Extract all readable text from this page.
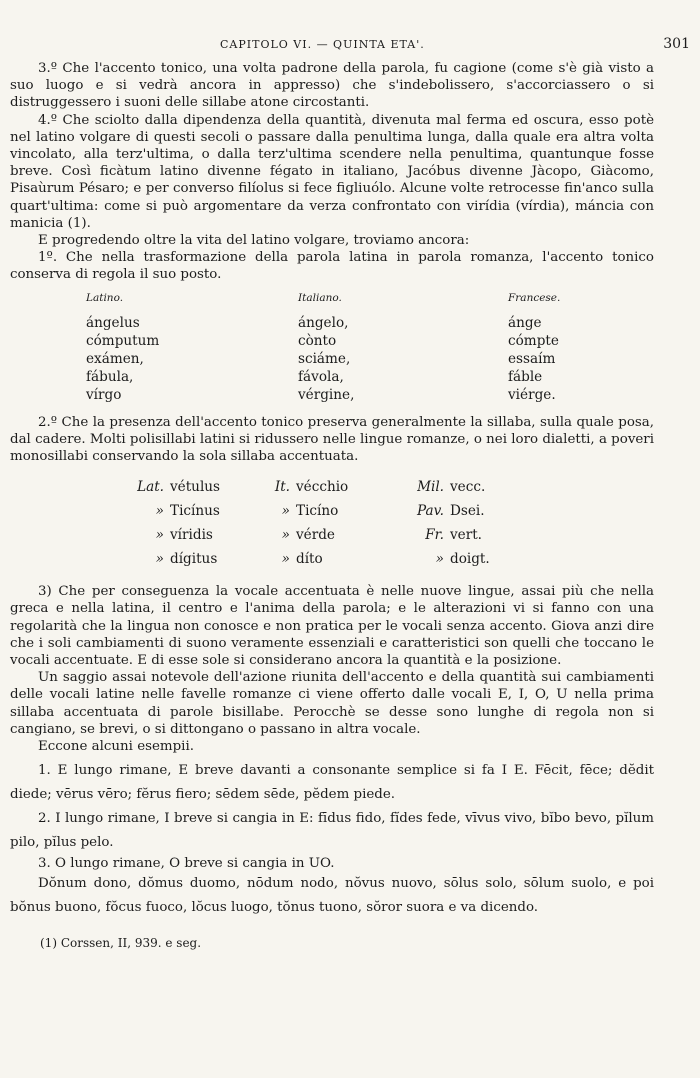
CAPITOLO VI. — QUINTA ETA'.	301

3.º Che l'accento tonico, una volta padrone della parola, fu cagione (come s'è già visto a suo luogo e si vedrà ancora in appresso) che s'indebolissero, s'accorciassero o si distruggessero i suoni delle sillabe atone circostanti.

4.º Che sciolto dalla dipendenza della quantità, divenuta mal ferma ed oscura, esso potè nel latino volgare di questi secoli o passare dalla penultima lunga, dalla quale era altra volta vincolato, alla terz'ultima, o dalla terz'ultima scendere nella penultima, quantunque fosse breve. Così ficàtum latino divenne fégato in italiano, Jacóbus divenne Jàcopo, Giàcomo, Pisaùrum Pésaro; e per converso filíolus si fece figliuólo. Alcune volte retrocesse fin'anco sulla quart'ultima: come si può argomentare da verza confrontato con virídia (vírdia), máncia con manicia (1).

E progredendo oltre la vita del latino volgare, troviamo ancora:

1º. Che nella trasformazione della parola latina in parola romanza, l'accento tonico conserva di regola il suo posto.

Latino.	Italiano.	Francese.
ángelus	ángelo,	ánge
cómputum	cònto	cómpte
exámen,	sciáme,	essaím
fábula,	fávola,	fáble
vírgo	vérgine,	viérge.

2.º Che la presenza dell'accento tonico preserva generalmente la sillaba, sulla quale posa, dal cadere. Molti polisillabi latini si ridussero nelle lingue romanze, o nei loro dialetti, a poveri monosillabi conservando la sola sillaba accentuata.

Lat.	vétulus	It.	vécchio	Mil.	vecc.
»	Ticínus	»	Ticíno	Pav.	Dsei.
»	víridis	»	vérde	Fr.	vert.
»	dígitus	»	díto	»	doigt.

3) Che per conseguenza la vocale accentuata è nelle nuove lingue, assai più che nella greca e nella latina, il centro e l'anima della parola; e le alterazioni vi si fanno con una regolarità che la lingua non conosce e non pratica per le vocali senza accento. Giova anzi dire che i soli cambiamenti di suono veramente essenziali e caratteristici son quelli che toccano le vocali accentuate. E di esse sole si considerano ancora la quantità e la posizione.

Un saggio assai notevole dell'azione riunita dell'accento e della quantità sui cambiamenti delle vocali latine nelle favelle romanze ci viene offerto dalle vocali E, I, O, U nella prima sillaba accentuata di parole bisillabe. Perocchè se desse sono lunghe di regola non si cangiano, se brevi, o si dittongano o passano in altra vocale.

Eccone alcuni esempii.

1. E lungo rimane, E breve davanti a consonante semplice si fa I E. Fēcit, fēce; dĕdit diede; vērus vēro; fĕrus fiero; sēdem sēde, pĕdem piede.

2. I lungo rimane, I breve si cangia in E: fīdus fido, fĭdes fede, vīvus vivo, bĭbo bevo, pĭlum pilo, pĭlus pelo.

3. O lungo rimane, O breve si cangia in UO.

Dŏnum dono, dŏmus duomo, nōdum nodo, nŏvus nuovo, sōlus solo, sōlum suolo, e poi bŏnus buono, fŏcus fuoco, lŏcus luogo, tŏnus tuono, sŏror suora e va dicendo.

(1) Corssen, II, 939. e seg.
